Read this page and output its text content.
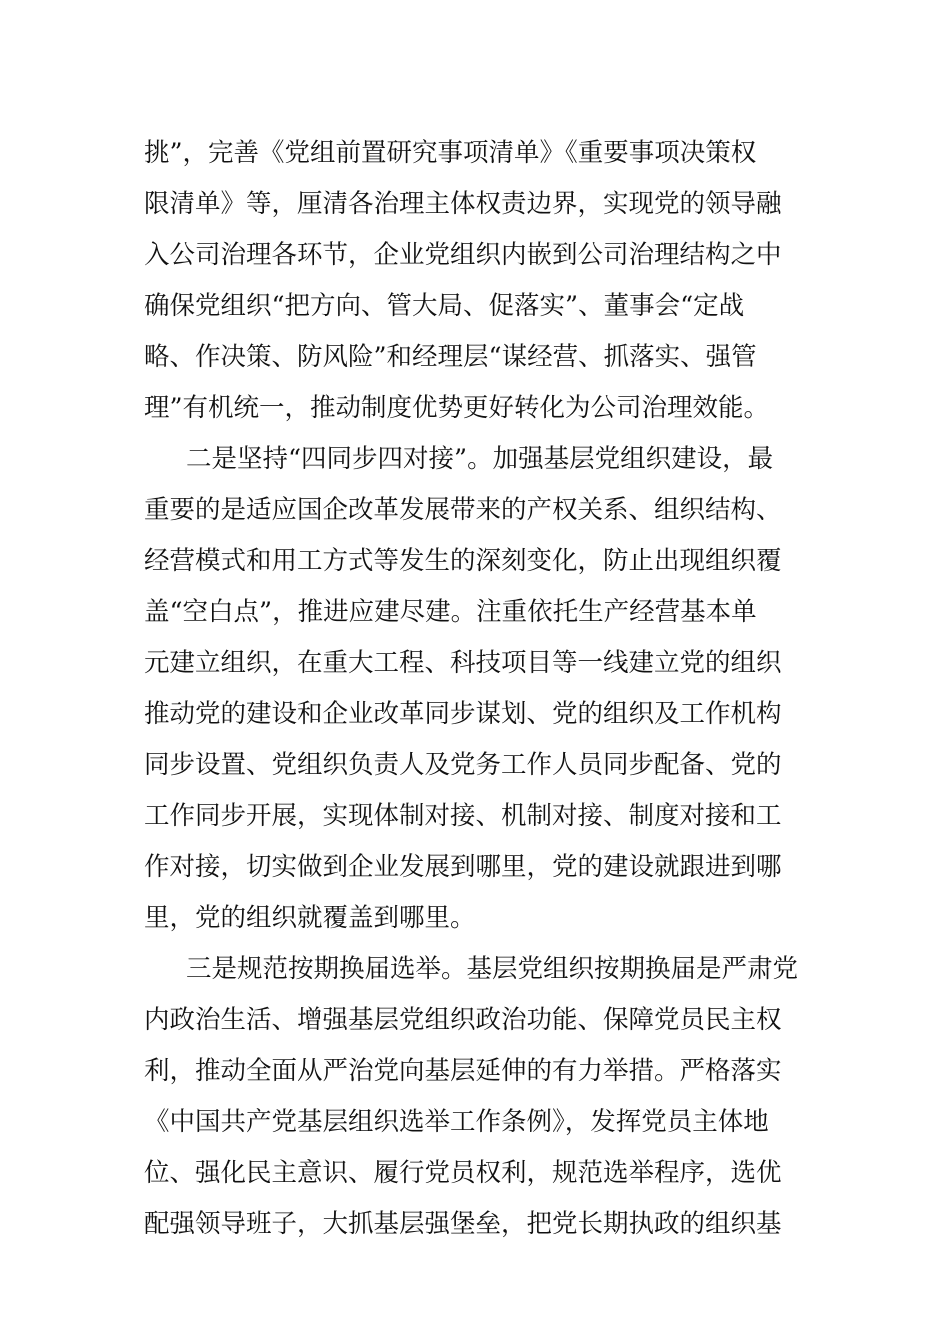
挑”，完善《党组前置研究事项清单》《重要事项决策权
限清单》等，厘清各治理主体权责边界，实现党的领导融
入公司治理各环节，企业党组织内嵌到公司治理结构之中
确保党组织“把方向、管大局、促落实”、董事会“定战
略、作决策、防风险”和经理层“谋经营、抓落实、强管
理”有机统一，推动制度优势更好转化为公司治理效能。
二是坚持“四同步四对接”。加强基层党组织建设，最
重要的是适应国企改革发展带来的产权关系、组织结构、
经营模式和用工方式等发生的深刻变化，防止出现组织覆
盖“空白点”，推进应建尽建。注重依托生产经营基本单
元建立组织，在重大工程、科技项目等一线建立党的组织
推动党的建设和企业改革同步谋划、党的组织及工作机构
同步设置、党组织负责人及党务工作人员同步配备、党的
工作同步开展，实现体制对接、机制对接、制度对接和工
作对接，切实做到企业发展到哪里，党的建设就跟进到哪
里，党的组织就覆盖到哪里。
三是规范按期换届选举。基层党组织按期换届是严肃党
内政治生活、增强基层党组织政治功能、保障党员民主权
利，推动全面从严治党向基层延伸的有力举措。严格落实
《中国共产党基层组织选举工作条例》，发挥党员主体地
位、强化民主意识、履行党员权利，规范选举程序，选优
配强领导班子，大抓基层强堡垒，把党长期执政的组织基
